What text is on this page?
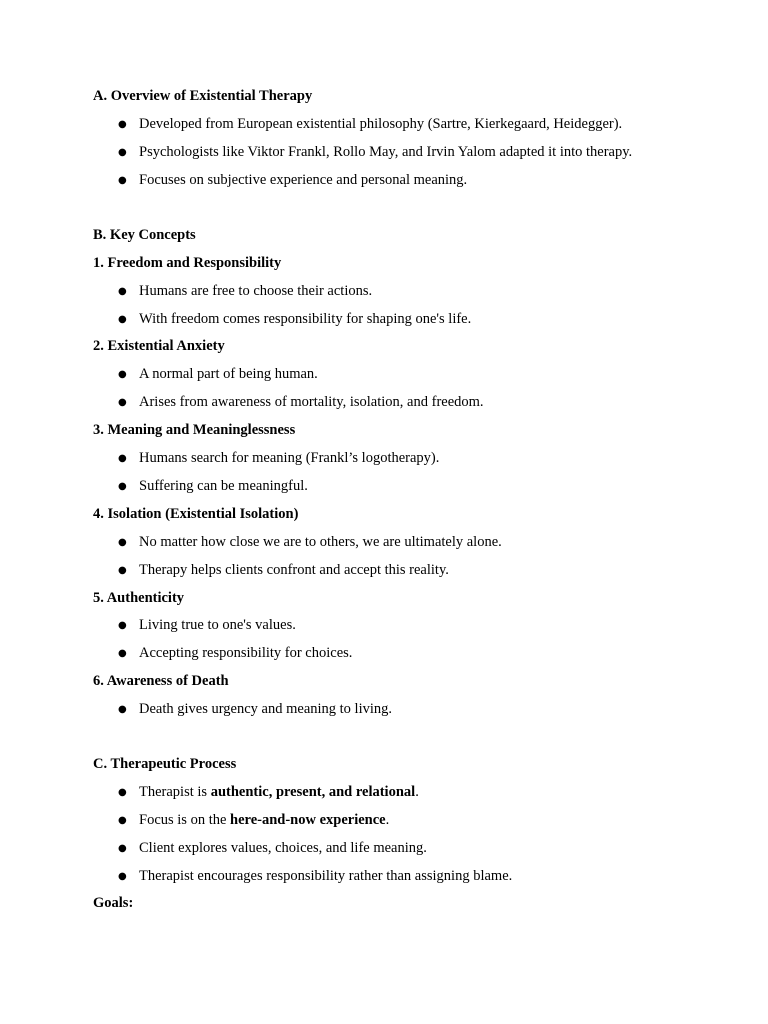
A. Overview of Existential Therapy
● Developed from European existential philosophy (Sartre, Kierkegaard, Heidegger).
● Psychologists like Viktor Frankl, Rollo May, and Irvin Yalom adapted it into therapy.
● Focuses on subjective experience and personal meaning.
B. Key Concepts
1. Freedom and Responsibility
● Humans are free to choose their actions.
● With freedom comes responsibility for shaping one's life.
2. Existential Anxiety
● A normal part of being human.
● Arises from awareness of mortality, isolation, and freedom.
3. Meaning and Meaninglessness
● Humans search for meaning (Frankl’s logotherapy).
● Suffering can be meaningful.
4. Isolation (Existential Isolation)
● No matter how close we are to others, we are ultimately alone.
● Therapy helps clients confront and accept this reality.
5. Authenticity
● Living true to one's values.
● Accepting responsibility for choices.
6. Awareness of Death
● Death gives urgency and meaning to living.
C. Therapeutic Process
● Therapist is authentic, present, and relational.
● Focus is on the here-and-now experience.
● Client explores values, choices, and life meaning.
● Therapist encourages responsibility rather than assigning blame.
Goals:
